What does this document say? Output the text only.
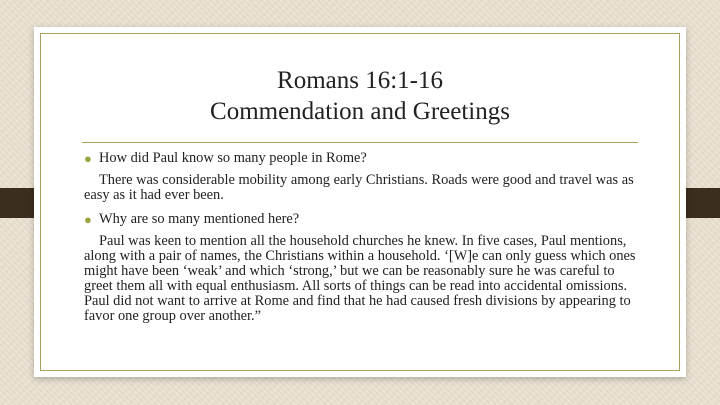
Romans 16:1-16
Commendation and Greetings
● How did Paul know so many people in Rome?

There was considerable mobility among early Christians. Roads were good and travel was as easy as it had ever been.

● Why are so many mentioned here?

Paul was keen to mention all the household churches he knew. In five cases, Paul mentions, along with a pair of names, the Christians within a household. ‘[W]e can only guess which ones might have been ‘weak’ and which ‘strong,’ but we can be reasonably sure he was careful to greet them all with equal enthusiasm. All sorts of things can be read into accidental omissions. Paul did not want to arrive at Rome and find that he had caused fresh divisions by appearing to favor one group over another.”
